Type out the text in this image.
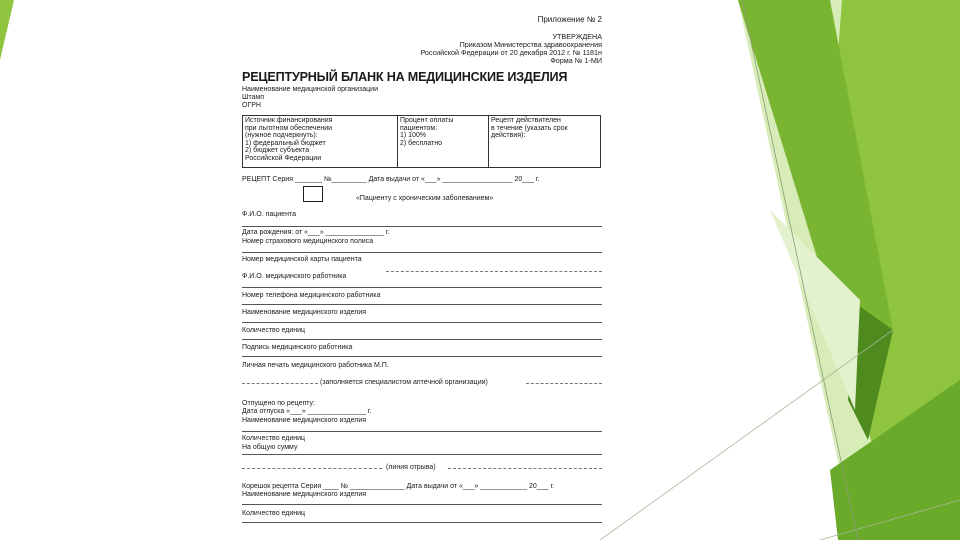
Приложение № 2
УТВЕРЖДЕНА
Приказом Министерства здравоохранения
Российской Федерации от 20 декабря 2012 г. № 1181н
Форма № 1-МИ
РЕЦЕПТУРНЫЙ БЛАНК НА МЕДИЦИНСКИЕ ИЗДЕЛИЯ
Наименование медицинской организации
Штамп
ОГРН
Источник финансирования
при льготном обеспечении
(нужное подчеркнуть):
1) федеральный бюджет
2) бюджет субъекта
Российской Федерации
Процент оплаты
пациентом:
1) 100%
2) бесплатно
Рецепт действителен
в течение (указать срок
действия):
РЕЦЕПТ Серия _______ №_________ Дата выдачи от «___» __________________ 20___ г.
«Пациенту с хроническим заболеванием»
Ф.И.О. пациента
Дата рождения: от «___» _______________ г.
Номер страхового медицинского полиса
Номер медицинской карты пациента
Ф.И.О. медицинского работника
Номер телефона медицинского работника
Наименование медицинского изделия
Количество единиц
Подпись медицинского работника
Личная печать медицинского работника М.П.
(заполняется специалистом аптечной организации)
Отпущено по рецепту:
Дата отпуска «___» _______________ г.
Наименование медицинского изделия
Количество единиц
На общую сумму
(линия отрыва)
Корешок рецепта Серия ____ № ______________ Дата выдачи от «___» ____________ 20___ г.
Наименование медицинского изделия
Количество единиц
